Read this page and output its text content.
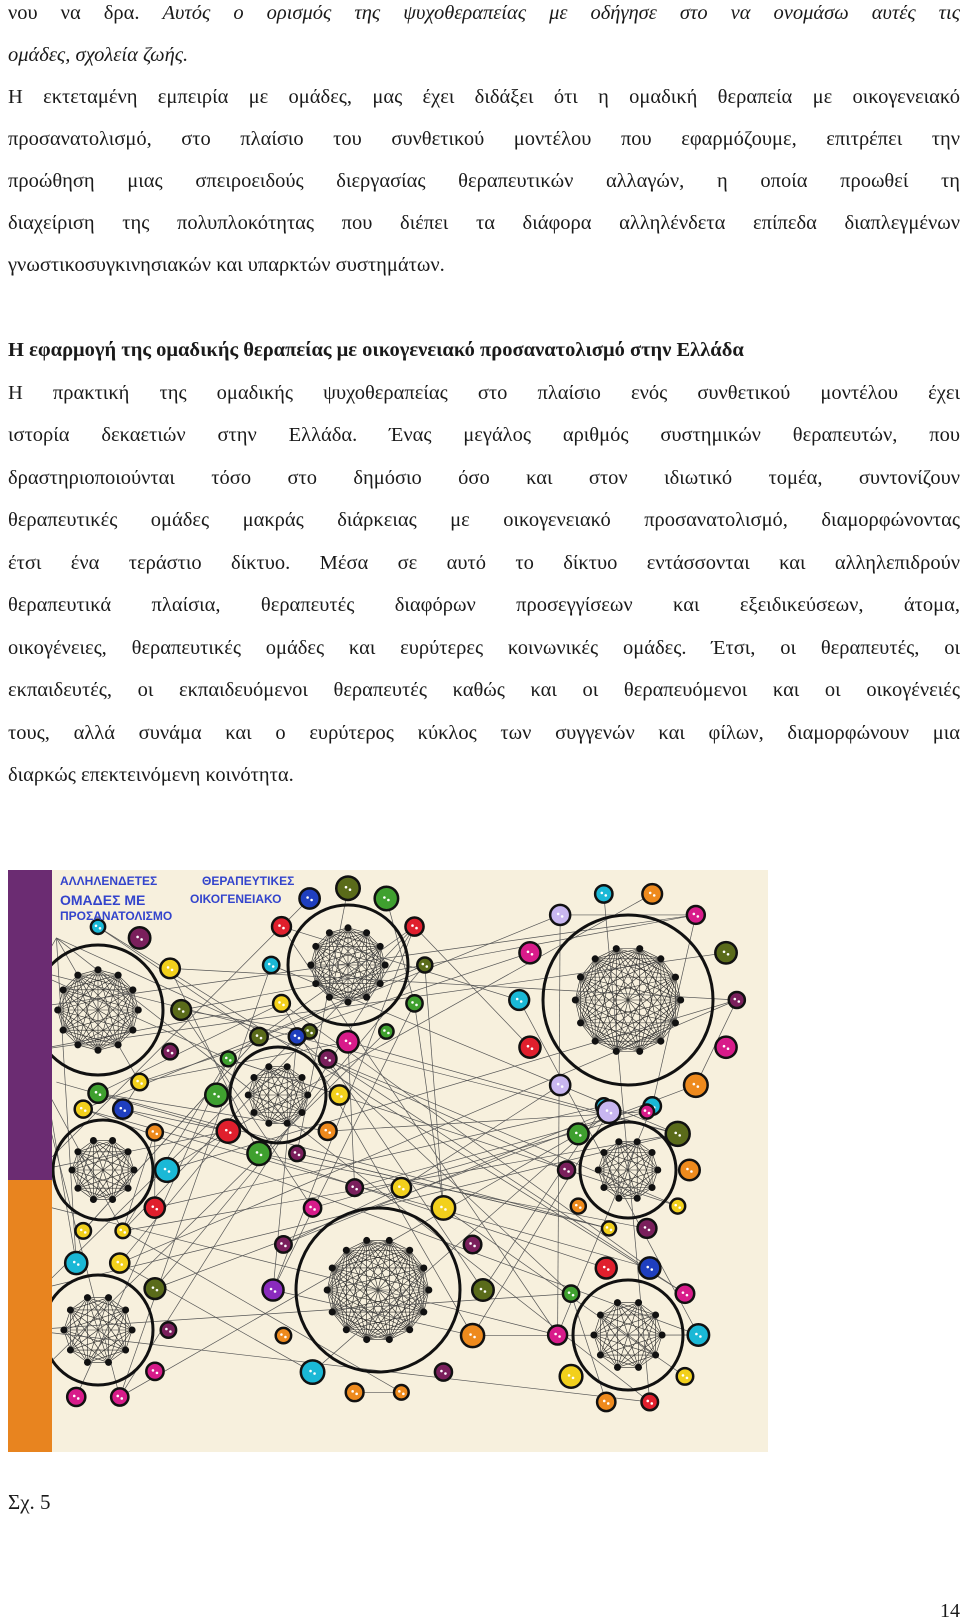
νου να δρα. Αυτός ο ορισμός της ψυχοθεραπείας με οδήγησε στο να ονομάσω αυτές τις
ομάδες, σχολεία ζωής.
Η εκτεταμένη εμπειρία με ομάδες, μας έχει διδάξει ότι η ομαδική θεραπεία με οικογενειακό
προσανατολισμό, στο πλαίσιο του συνθετικού μοντέλου που εφαρμόζουμε, επιτρέπει την
προώθηση μιας σπειροειδούς διεργασίας θεραπευτικών αλλαγών, η οποία προωθεί τη
διαχείριση της πολυπλοκότητας που διέπει τα διάφορα αλληλένδετα επίπεδα διαπλεγμένων
γνωστικοσυγκινησιακών και υπαρκτών συστημάτων.
Η εφαρμογή της ομαδικής θεραπείας με οικογενειακό προσανατολισμό στην Ελλάδα
Η πρακτική της ομαδικής ψυχοθεραπείας στο πλαίσιο ενός συνθετικού μοντέλου έχει
ιστορία δεκαετιών στην Ελλάδα. Ένας μεγάλος αριθμός συστημικών θεραπευτών, που
δραστηριοποιούνται τόσο στο δημόσιο όσο και στον ιδιωτικό τομέα, συντονίζουν
θεραπευτικές ομάδες μακράς διάρκειας με οικογενειακό προσανατολισμό, διαμορφώνοντας
έτσι ένα τεράστιο δίκτυο. Μέσα σε αυτό το δίκτυο εντάσσονται και αλληλεπιδρούν
θεραπευτικά πλαίσια, θεραπευτές διαφόρων προσεγγίσεων και εξειδικεύσεων, άτομα,
οικογένειες, θεραπευτικές ομάδες και ευρύτερες κοινωνικές ομάδες. Έτσι, οι θεραπευτές, οι
εκπαιδευτές, οι εκπαιδευόμενοι θεραπευτές καθώς και οι θεραπευόμενοι και οι οικογένειές
τους, αλλά συνάμα και ο ευρύτερος κύκλος των συγγενών και φίλων, διαμορφώνουν μια
διαρκώς επεκτεινόμενη κοινότητα.
ΑΛΛΗΛΕΝΔΕΤΕΣ	ΘΕΡΑΠΕΥΤΙΚΕΣ
ΟΜΑΔΕΣ ΜΕ	ΟΙΚΟΓΕΝΕΙΑΚΟ
ΠΡΟΣΑΝΑΤΟΛΙΣΜΟ
Σχ. 5
14
